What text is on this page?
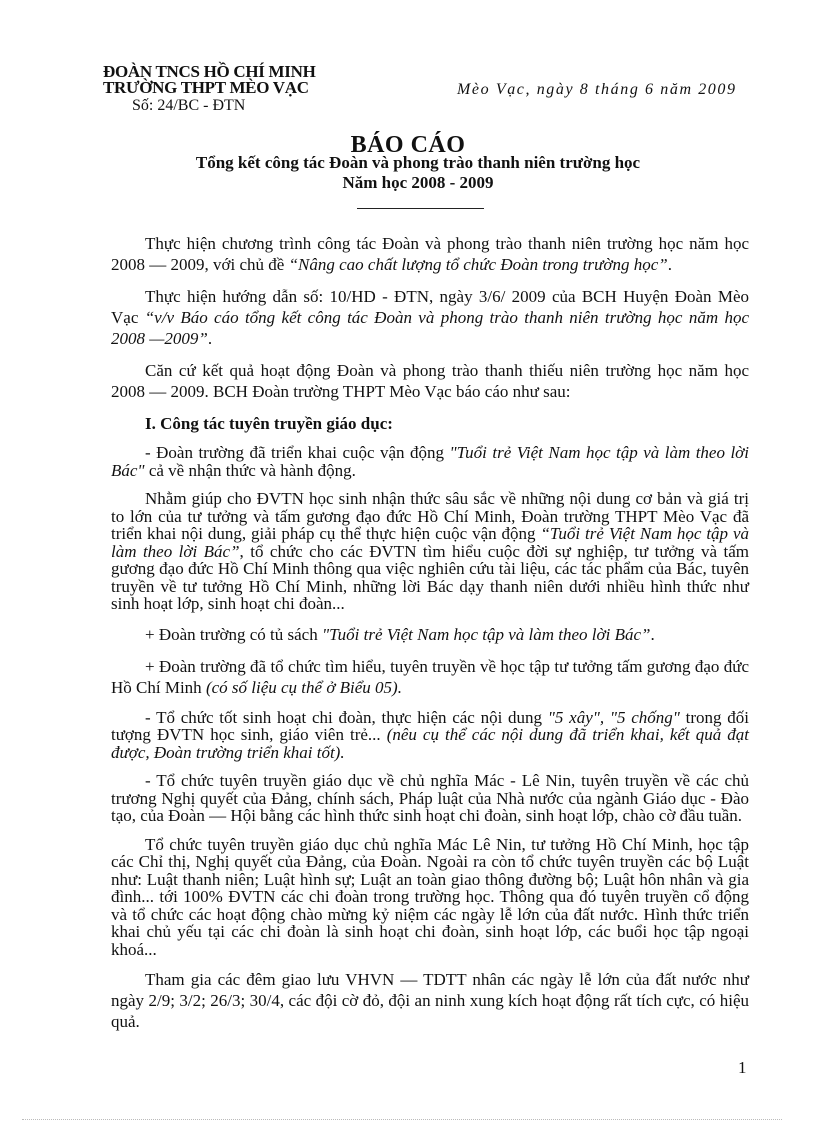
ĐOÀN TNCS HỒ CHÍ MINH
TRƯỜNG THPT MÈO VẠC
Số: 24/BC - ĐTN
Mèo Vạc, ngày 8 tháng 6 năm 2009
BÁO CÁO
Tổng kết công tác Đoàn và phong trào thanh niên trường học
Năm học 2008 - 2009

Thực hiện chương trình công tác Đoàn và phong trào thanh niên trường học năm học 2008 — 2009, với chủ đề “Nâng cao chất lượng tổ chức Đoàn trong trường học”.

Thực hiện hướng dẫn số: 10/HD - ĐTN, ngày 3/6/ 2009 của BCH Huyện Đoàn Mèo Vạc “v/v Báo cáo tổng kết công tác Đoàn và phong trào thanh niên trường học năm học 2008 —2009”.

Căn cứ kết quả hoạt động Đoàn và phong trào thanh thiếu niên trường học năm học 2008 — 2009. BCH Đoàn trường THPT Mèo Vạc báo cáo như sau:

I. Công tác tuyên truyền giáo dục:

- Đoàn trường đã triển khai cuộc vận động "Tuổi trẻ Việt Nam học tập và làm theo lời Bác" cả về nhận thức và hành động.

Nhằm giúp cho ĐVTN học sinh nhận thức sâu sắc về những nội dung cơ bản và giá trị to lớn của tư tưởng và tấm gương đạo đức Hồ Chí Minh, Đoàn trường THPT Mèo Vạc đã triển khai nội dung, giải pháp cụ thể thực hiện cuộc vận động “Tuổi trẻ Việt Nam học tập và làm theo lời Bác”, tổ chức cho các ĐVTN tìm hiểu cuộc đời sự nghiệp, tư tưởng và tấm gương đạo đức Hồ Chí Minh thông qua việc nghiên cứu tài liệu, các tác phẩm của Bác, tuyên truyền về tư tưởng Hồ Chí Minh, những lời Bác dạy thanh niên dưới nhiều hình thức như sinh hoạt lớp, sinh hoạt chi đoàn...

+ Đoàn trường có tủ sách "Tuổi trẻ Việt Nam học tập và làm theo lời Bác”.

+ Đoàn trường đã tổ chức tìm hiểu, tuyên truyền về học tập tư tưởng tấm gương đạo đức Hồ Chí Minh (có số liệu cụ thể ở Biểu 05).

- Tổ chức tốt sinh hoạt chi đoàn, thực hiện các nội dung "5 xây", "5 chống" trong đối tượng ĐVTN học sinh, giáo viên trẻ... (nêu cụ thể các nội dung đã triển khai, kết quả đạt được, Đoàn trường triển khai tốt).

- Tổ chức tuyên truyền giáo dục về chủ nghĩa Mác - Lê Nin, tuyên truyền về các chủ trương Nghị quyết của Đảng, chính sách, Pháp luật của Nhà nước của ngành Giáo dục - Đào tạo, của Đoàn — Hội bằng các hình thức sinh hoạt chi đoàn, sinh hoạt lớp, chào cờ đầu tuần.

Tổ chức tuyên truyền giáo dục chủ nghĩa Mác Lê Nin, tư tưởng Hồ Chí Minh, học tập các Chỉ thị, Nghị quyết của Đảng, của Đoàn. Ngoài ra còn tổ chức tuyên truyền các bộ Luật như: Luật thanh niên; Luật hình sự; Luật an toàn giao thông đường bộ; Luật hôn nhân và gia đình... tới 100% ĐVTN các chi đoàn trong trường học. Thông qua đó tuyên truyền cổ động và tổ chức các hoạt động chào mừng kỷ niệm các ngày lễ lớn của đất nước. Hình thức triển khai chủ yếu tại các chi đoàn là sinh hoạt chi đoàn, sinh hoạt lớp, các buổi học tập ngoại khoá...

Tham gia các đêm giao lưu VHVN — TDTT nhân các ngày lễ lớn của đất nước như ngày 2/9; 3/2; 26/3; 30/4, các đội cờ đỏ, đội an ninh xung kích hoạt động rất tích cực, có hiệu quả.

1
